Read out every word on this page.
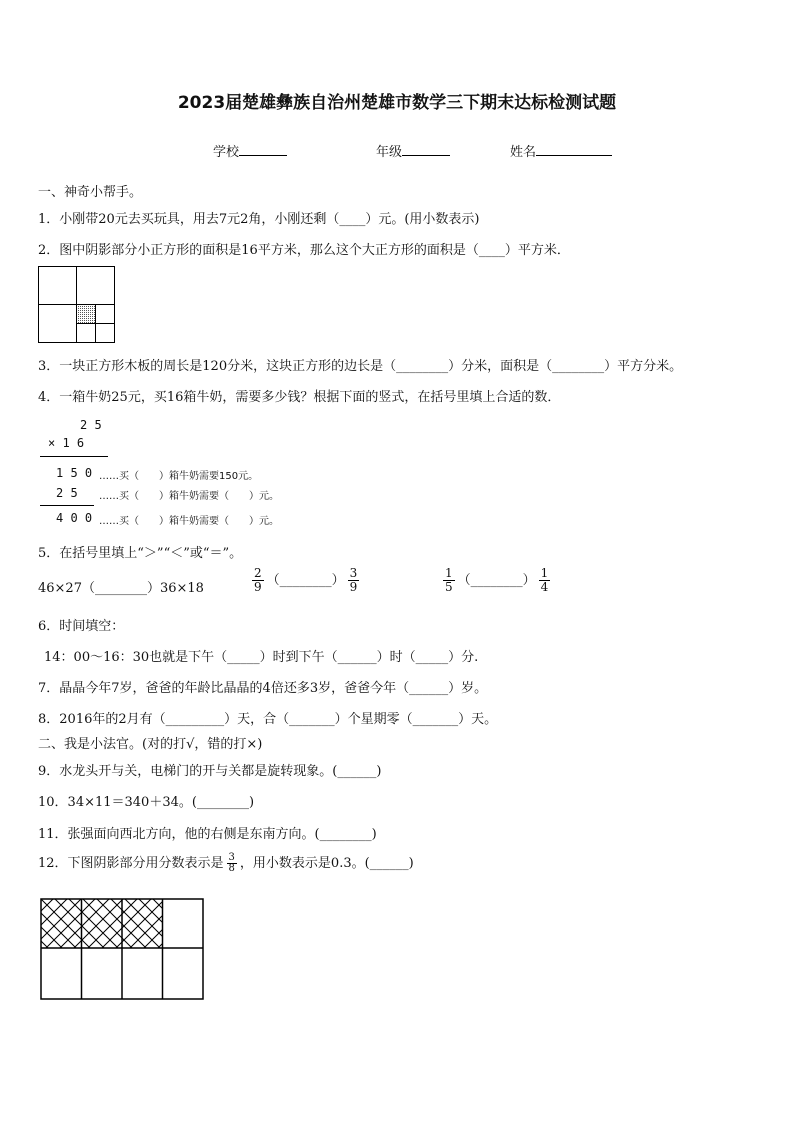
2023届楚雄彝族自治州楚雄市数学三下期末达标检测试题
学校	年级	姓名
一、神奇小帮手。
1．小刚带20元去买玩具，用去7元2角，小刚还剩（____）元。(用小数表示)
2．图中阴影部分小正方形的面积是16平方米，那么这个大正方形的面积是（____）平方米．
3．一块正方形木板的周长是120分米，这块正方形的边长是（________）分米，面积是（________）平方分米。
4．一箱牛奶25元，买16箱牛奶，需要多少钱？根据下面的竖式，在括号里填上合适的数．
2 5
× 1 6
1 5 0 ……买（　　）箱牛奶需要150元。
2 5 ……买（　　）箱牛奶需要（　　）元。
4 0 0 ……买（　　）箱牛奶需要（　　）元。
5．在括号里填上“＞”“＜”或“＝”。
46×27（________）36×18	$\frac{2}{9}$ （________） $\frac{3}{9}$	$\frac{1}{5}$ （________） $\frac{1}{4}$
6．时间填空：
14：00～16：30也就是下午（_____）时到下午（______）时（_____）分.
7．晶晶今年7岁，爸爸的年龄比晶晶的4倍还多3岁，爸爸今年（______）岁。
8．2016年的2月有（_________）天，合（_______）个星期零（_______）天。
二、我是小法官。(对的打√，错的打×)
9．水龙头开与关，电梯门的开与关都是旋转现象。(______)
10．34×11＝340＋34。(________)
11．张强面向西北方向，他的右侧是东南方向。(________)
12．下图阴影部分用分数表示是 $\frac{3}{8}$ ，用小数表示是0.3。(______)
